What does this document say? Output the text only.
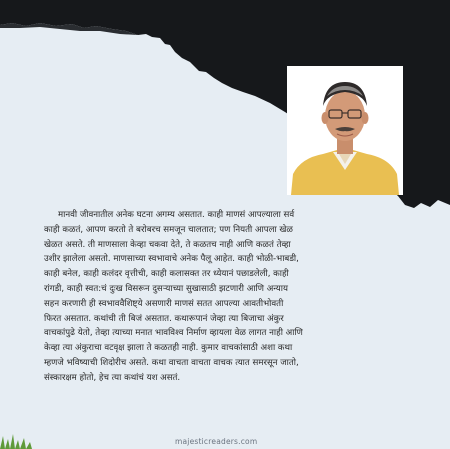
मानवी जीवनातील अनेक घटना अगम्य असतात. काही माणसं आपल्याला सर्व
काही कळतं, आपण करतो ते बरोबरच समजून चालतात; पण नियती आपला खेळ
खेळत असते. ती माणसाला केव्हा चकवा देते, ते कळतच नाही आणि कळतं तेव्हा
उशीर झालेला असतो. माणसाच्या स्वभावाचे अनेक पैलू आहेत. काही भोळी-भाबडी,
काही बनेल, काही कलंदर वृत्तीची, काही कलासक्त तर ध्येयानं पछाडलेली, काही
रांगडी, काही स्वत:चं दुःख विसरून दुसऱ्याच्या सुखासाठी झटणारी आणि अन्याय
सहन करणारी ही स्वभाववैशिष्ट्ये असणारी माणसं सतत आपल्या आवतीभोवती
फिरत असतात. कथांची ती बिजं असतात. कथारूपानं जेव्हा त्या बिजाचा अंकुर
वाचकांपुढे येतो, तेव्हा त्याच्या मनात भावविश्व निर्माण व्हायला वेळ लागत नाही आणि
केव्हा त्या अंकुराचा वटवृक्ष झाला ते कळतही नाही. कुमार वाचकांसाठी अशा कथा
म्हणजे भविष्याची शिदोरीच असते. कथा वाचता वाचता वाचक त्यात समरसून जातो,
संस्कारक्षम होतो, हेच त्या कथांचं यश असतं.
majesticreaders.com
